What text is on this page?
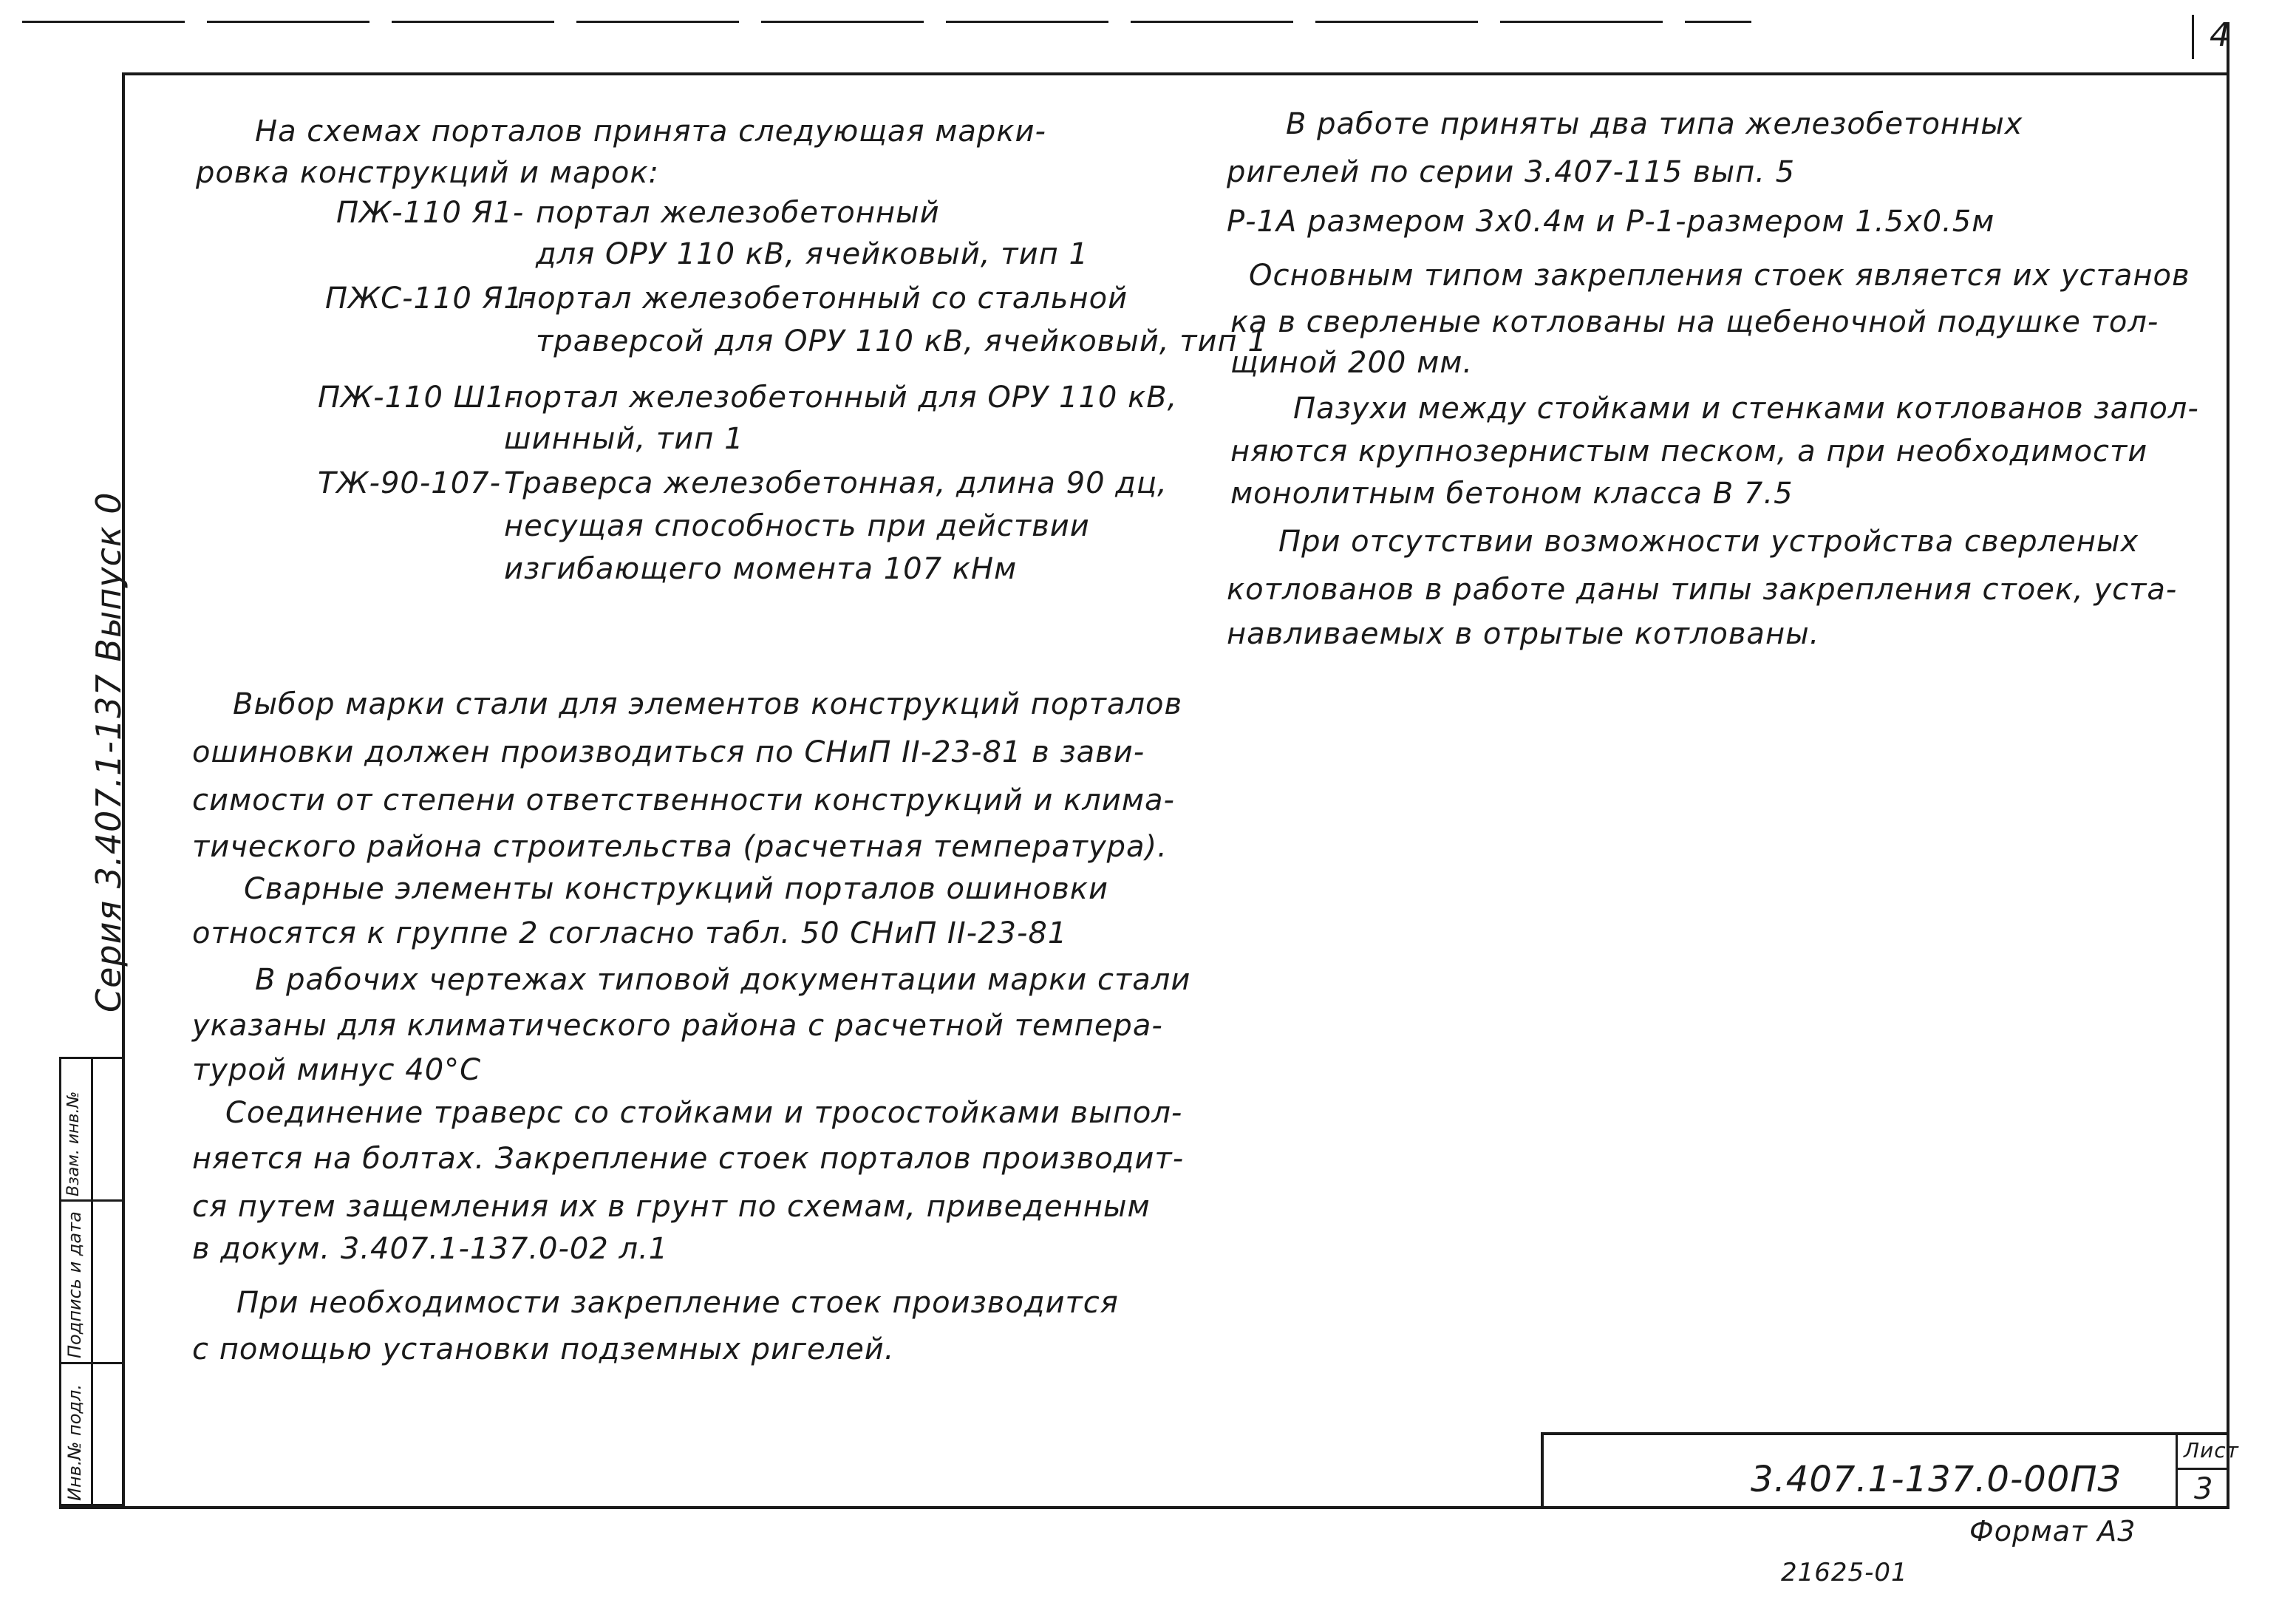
4
Серия 3.407.1-137 Выпуск 0
Инв.№ подл.
Подпись и дата
Взам. инв.№
На схемах порталов принята следующая марки-
ровка конструкций и марок:
ПЖ-110 Я1- портал железобетонный
для ОРУ 110 кВ, ячейковый, тип 1
ПЖС-110 Я1-
портал железобетонный со стальной
траверсой для ОРУ 110 кВ, ячейковый, тип 1
ПЖ-110 Ш1-
портал железобетонный для ОРУ 110 кВ,
шинный, тип 1
ТЖ-90-107- Траверса железобетонная, длина 90 дц,
несущая способность при действии
изгибающего момента 107 кНм
Выбор марки стали для элементов конструкций порталов
ошиновки должен производиться по СНиП II-23-81 в зави-
симости от степени ответственности конструкций и клима-
тического района строительства (расчетная температура).
Сварные элементы конструкций порталов ошиновки
относятся к группе 2 согласно табл. 50 СНиП II-23-81
В рабочих чертежах типовой документации марки стали
указаны для климатического района с расчетной темпера-
турой минус 40°С
Соединение траверс со стойками и тросостойками выпол-
няется на болтах. Закрепление стоек порталов производит-
ся путем защемления их в грунт по схемам, приведенным
в докум. 3.407.1-137.0-02 л.1
При необходимости закрепление стоек производится
с помощью установки подземных ригелей.
В работе приняты два типа железобетонных
ригелей по серии 3.407-115 вып. 5
Р-1А размером 3х0.4м и Р-1-размером 1.5х0.5м
Основным типом закрепления стоек является их установ
ка в сверленые котлованы на щебеночной подушке тол-
щиной 200 мм.
Пазухи между стойками и стенками котлованов запол-
няются крупнозернистым песком, а при необходимости
монолитным бетоном класса В 7.5
При отсутствии возможности устройства сверленых
котлованов в работе даны типы закрепления стоек, уста-
навливаемых в отрытые котлованы.
3.407.1-137.0-00ПЗ
Лист
3
Формат А3
21625-01
